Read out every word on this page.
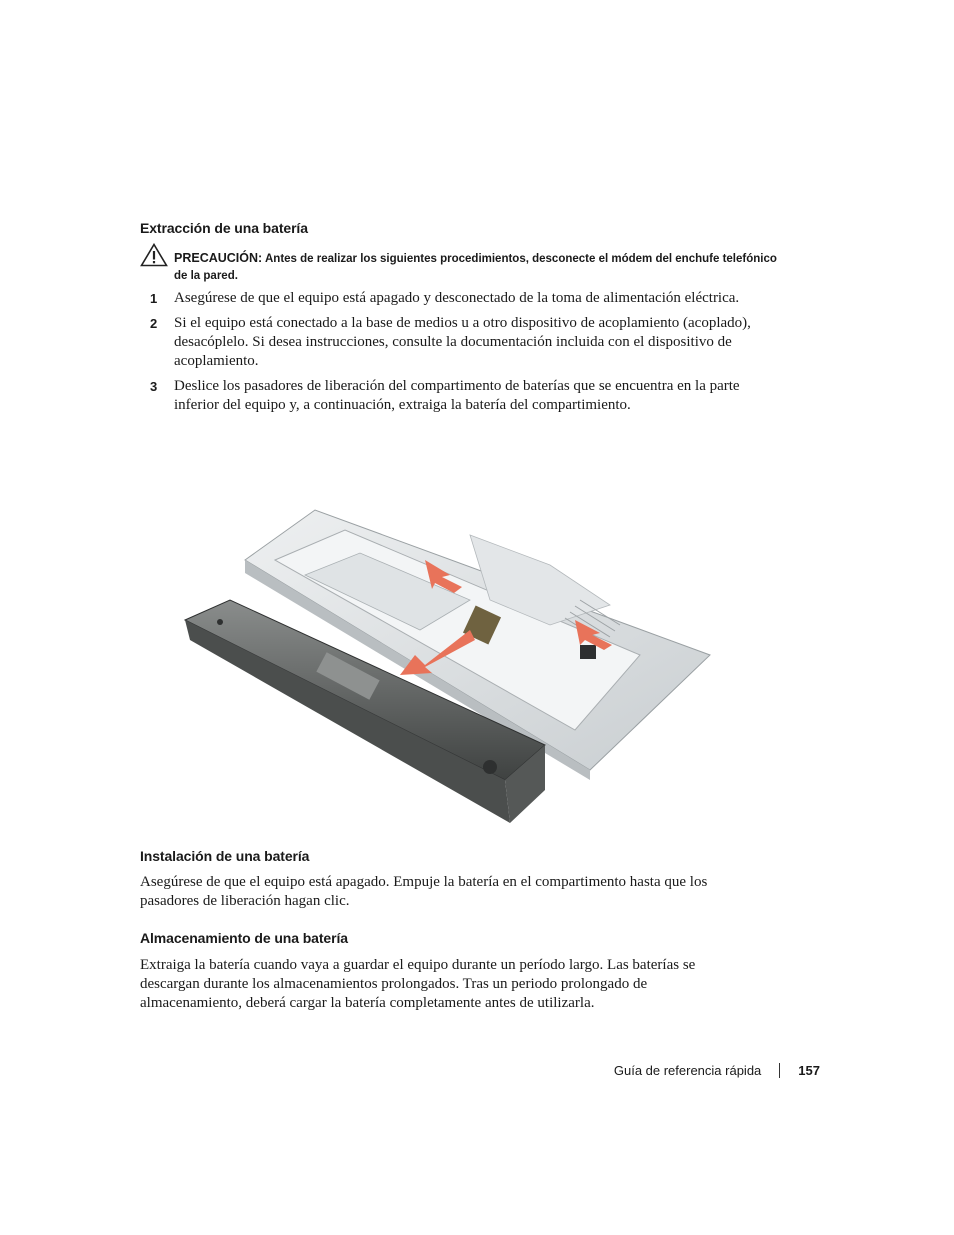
Extracción de una batería

PRECAUCIÓN: Antes de realizar los siguientes procedimientos, desconecte el módem del enchufe telefónico de la pared.

1 Asegúrese de que el equipo está apagado y desconectado de la toma de alimentación eléctrica.
2 Si el equipo está conectado a la base de medios u a otro dispositivo de acoplamiento (acoplado), desacóplelo. Si desea instrucciones, consulte la documentación incluida con el dispositivo de acoplamiento.
3 Deslice los pasadores de liberación del compartimento de baterías que se encuentra en la parte inferior del equipo y, a continuación, extraiga la batería del compartimiento.
Instalación de una batería

Asegúrese de que el equipo está apagado. Empuje la batería en el compartimento hasta que los pasadores de liberación hagan clic.

Almacenamiento de una batería

Extraiga la batería cuando vaya a guardar el equipo durante un período largo. Las baterías se descargan durante los almacenamientos prolongados. Tras un periodo prolongado de almacenamiento, deberá cargar la batería completamente antes de utilizarla.

Guía de referencia rápida	157
